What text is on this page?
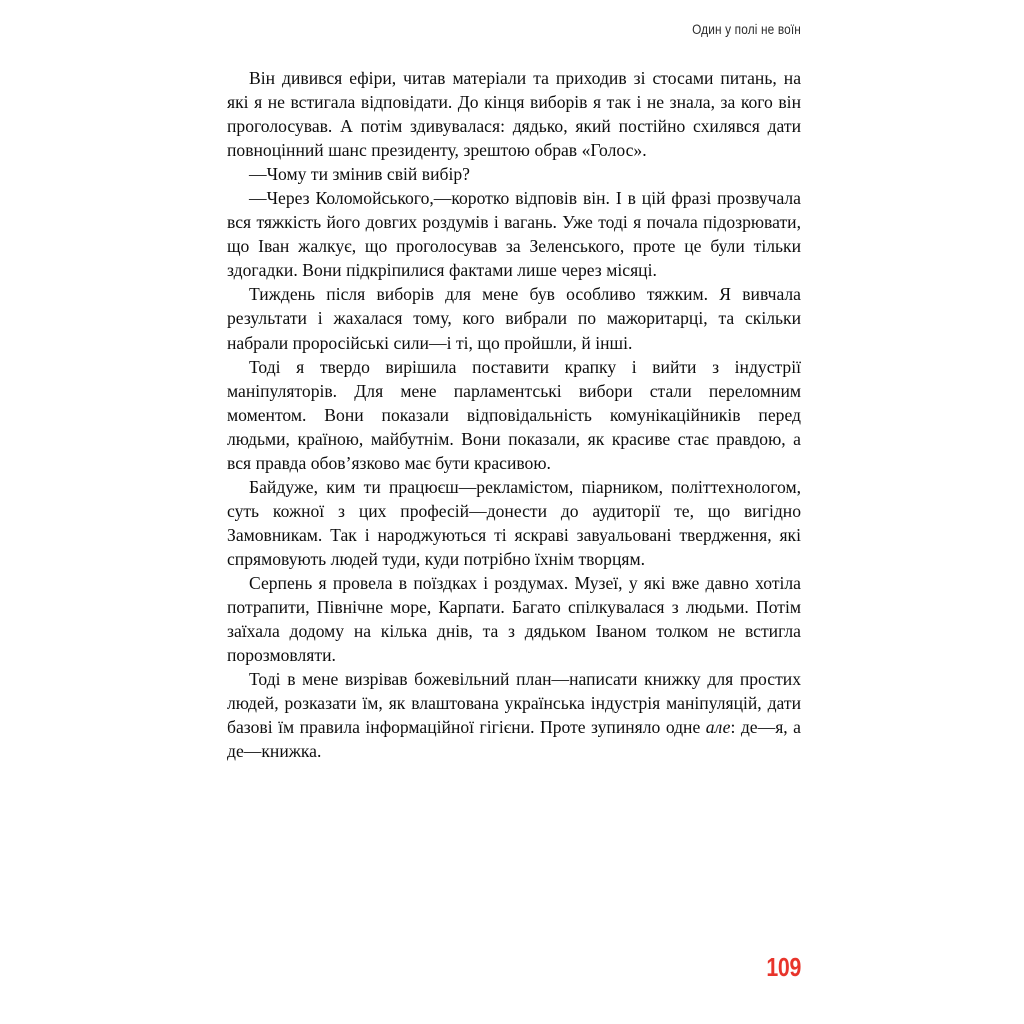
Один у полі не воїн

Він дивився ефіри, читав матеріали та приходив зі стосами питань, на які я не встигала відповідати. До кінця виборів я так і не знала, за кого він проголосував. А потім здивувалася: дядько, який постійно схилявся дати повноцінний шанс президенту, зрештою обрав «Голос».

—Чому ти змінив свій вибір?

—Через Коломойського,—коротко відповів він. І в цій фразі прозвучала вся тяжкість його довгих роздумів і вагань. Уже тоді я почала підозрювати, що Іван жалкує, що проголосував за Зеленського, проте це були тільки здогадки. Вони підкріпилися фактами лише через місяці.

Тиждень після виборів для мене був особливо тяжким. Я вивчала результати і жахалася тому, кого вибрали по мажоритарці, та скільки набрали проросійські сили—і ті, що пройшли, й інші.

Тоді я твердо вирішила поставити крапку і вийти з індустрії маніпуляторів. Для мене парламентські вибори стали переломним моментом. Вони показали відповідальність комунікаційників перед людьми, країною, майбутнім. Вони показали, як красиве стає правдою, а вся правда обов’язково має бути красивою.

Байдуже, ким ти працюєш—рекламістом, піарником, політтехнологом, суть кожної з цих професій—донести до аудиторії те, що вигідно Замовникам. Так і народжуються ті яскраві завуальовані твердження, які спрямовують людей туди, куди потрібно їхнім творцям.

Серпень я провела в поїздках і роздумах. Музеї, у які вже давно хотіла потрапити, Північне море, Карпати. Багато спілкувалася з людьми. Потім заїхала додому на кілька днів, та з дядьком Іваном толком не встигла порозмовляти.

Тоді в мене визрівав божевільний план—написати книжку для простих людей, розказати їм, як влаштована українська індустрія маніпуляцій, дати базові їм правила інформаційної гігієни. Проте зупиняло одне але: де—я, а де—книжка.

109
